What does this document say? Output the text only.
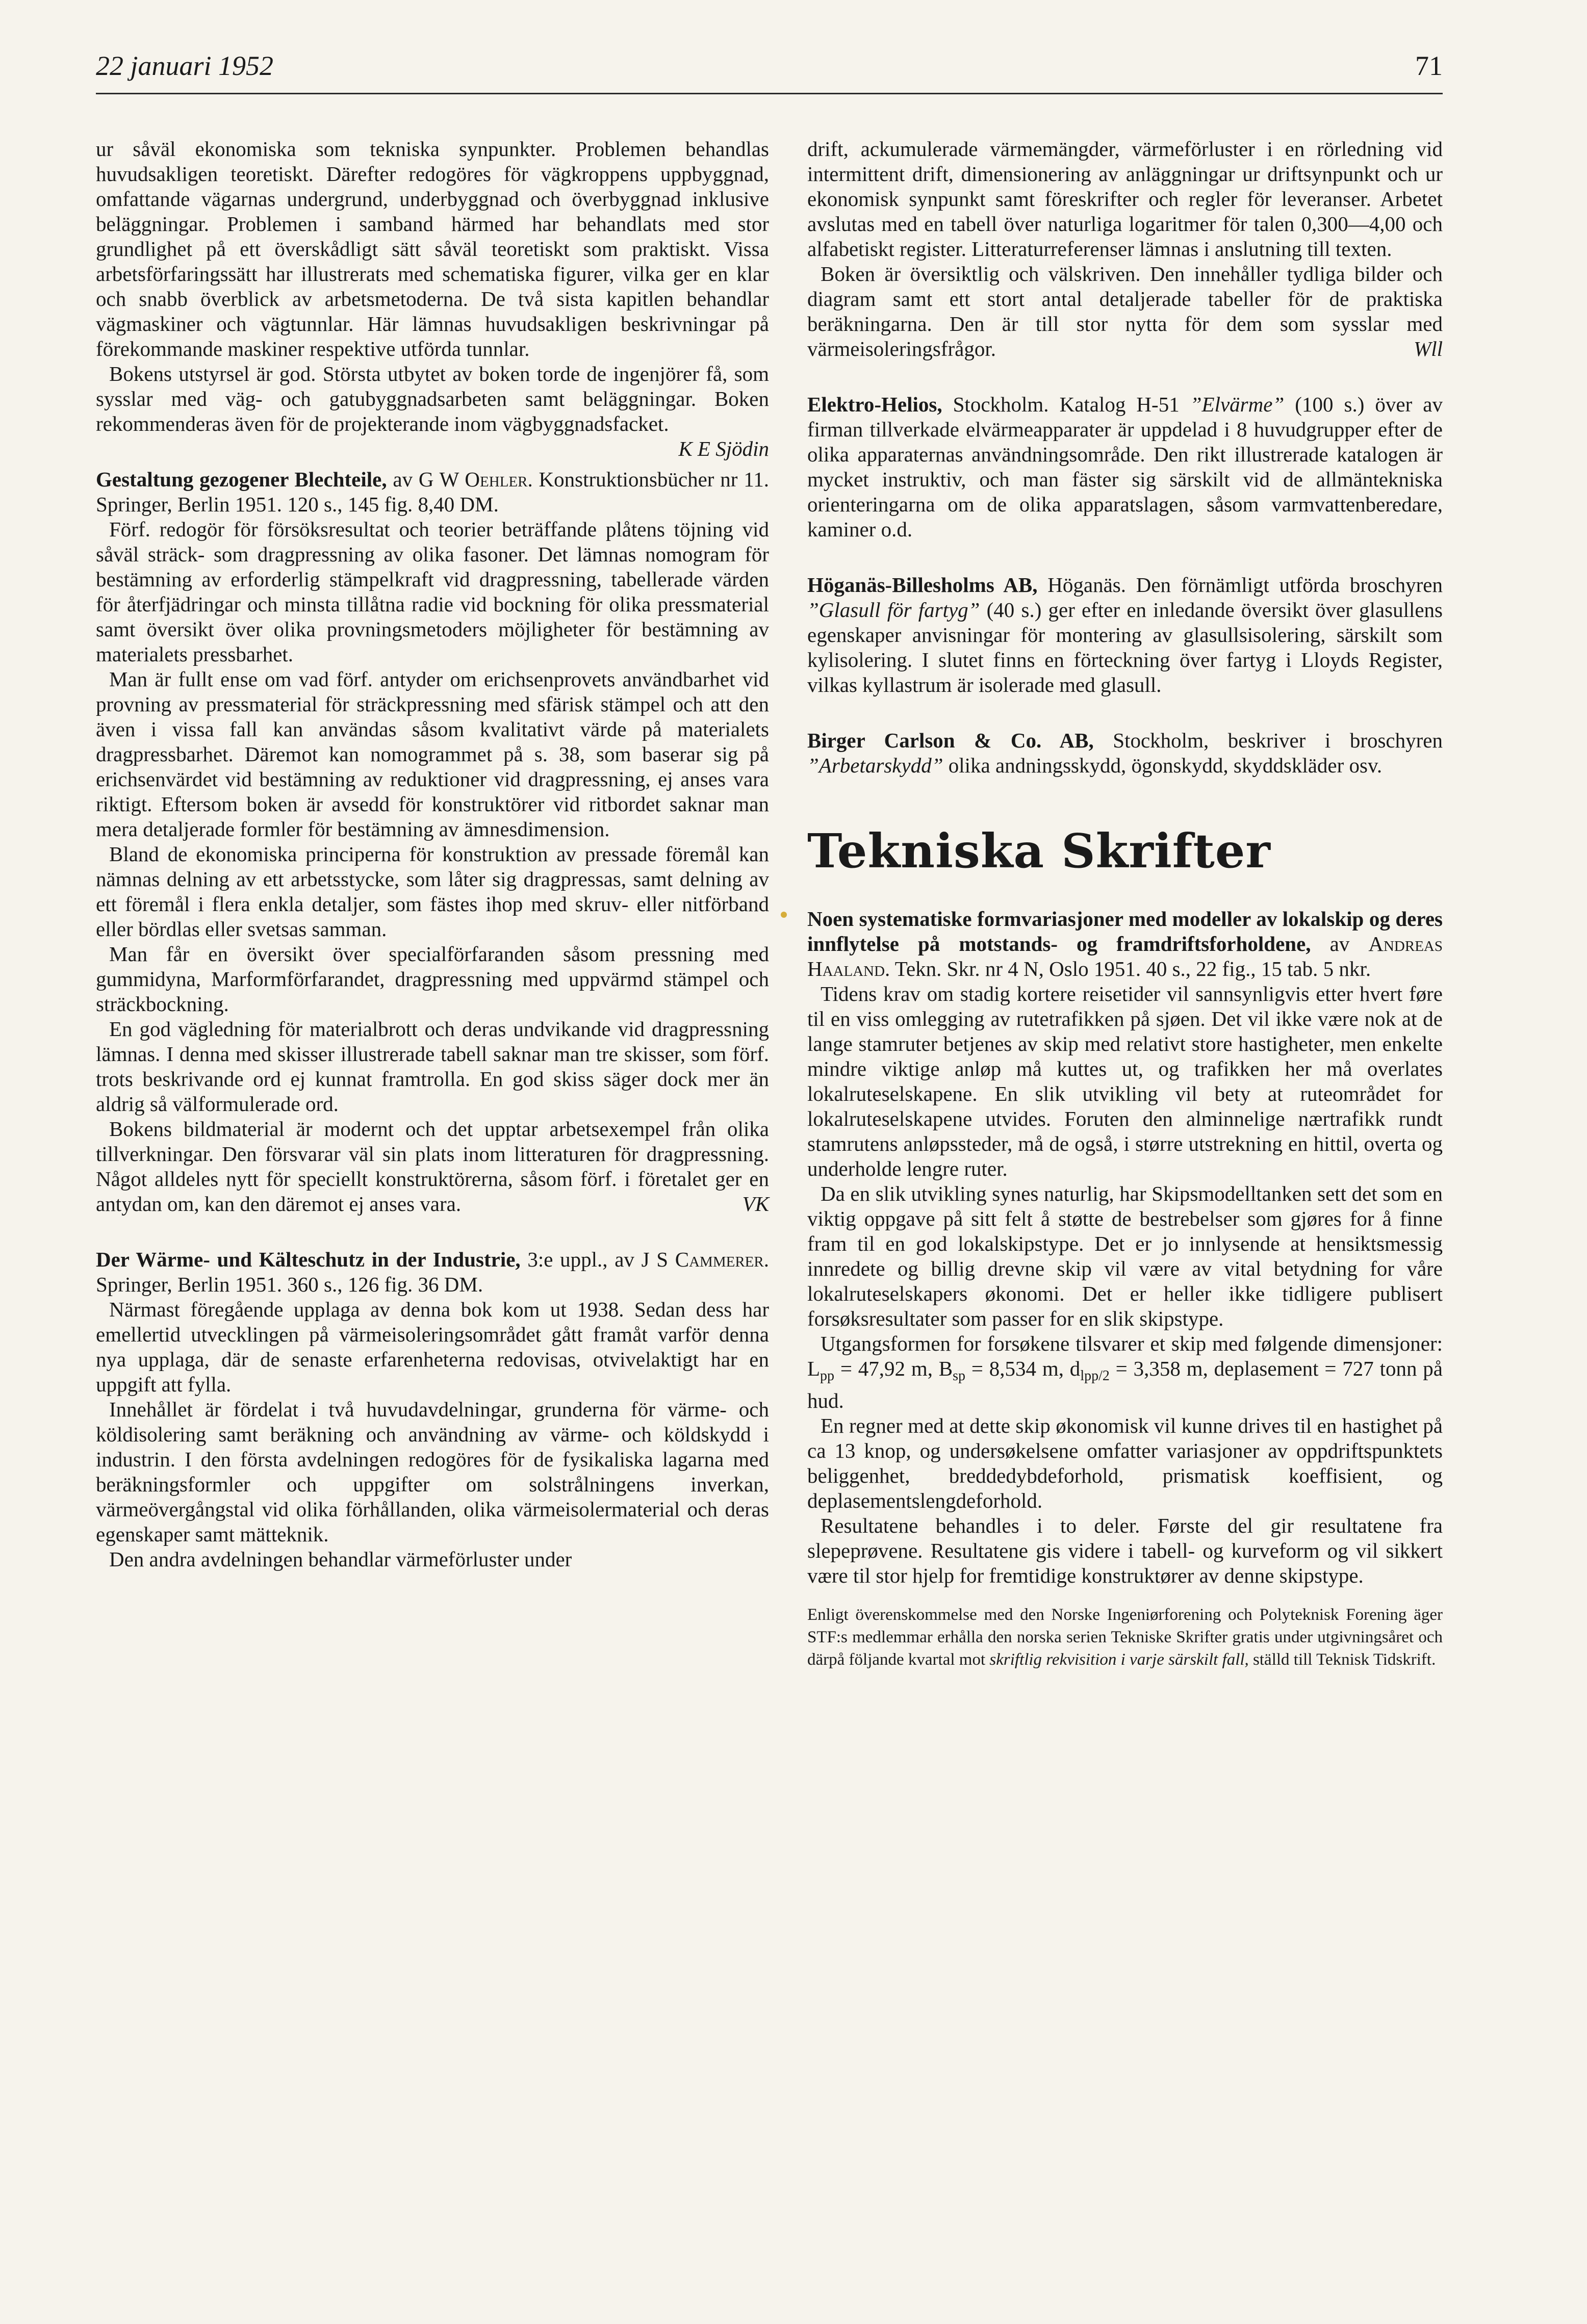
22 januari 1952	71

ur såväl ekonomiska som tekniska synpunkter. Problemen behandlas huvudsakligen teoretiskt. Därefter redogöres för vägkroppens uppbyggnad, omfattande vägarnas undergrund, underbyggnad och överbyggnad inklusive beläggningar. Problemen i samband härmed har behandlats med stor grundlighet på ett överskådligt sätt såväl teoretiskt som praktiskt. Vissa arbetsförfaringssätt har illustrerats med schematiska figurer, vilka ger en klar och snabb överblick av arbetsmetoderna. De två sista kapitlen behandlar vägmaskiner och vägtunnlar. Här lämnas huvudsakligen beskrivningar på förekommande maskiner respektive utförda tunnlar.

Bokens utstyrsel är god. Största utbytet av boken torde de ingenjörer få, som sysslar med väg- och gatubyggnadsarbeten samt beläggningar. Boken rekommenderas även för de projekterande inom vägbyggnadsfacket.
K E Sjödin

Gestaltung gezogener Blechteile, av G W Oehler. Konstruktionsbücher nr 11. Springer, Berlin 1951. 120 s., 145 fig. 8,40 DM.

Förf. redogör för försöksresultat och teorier beträffande plåtens töjning vid såväl sträck- som dragpressning av olika fasoner. Det lämnas nomogram för bestämning av erforderlig stämpelkraft vid dragpressning, tabellerade värden för återfjädringar och minsta tillåtna radie vid bockning för olika pressmaterial samt översikt över olika provningsmetoders möjligheter för bestämning av materialets pressbarhet.

Man är fullt ense om vad förf. antyder om erichsenprovets användbarhet vid provning av pressmaterial för sträckpressning med sfärisk stämpel och att den även i vissa fall kan användas såsom kvalitativt värde på materialets dragpressbarhet. Däremot kan nomogrammet på s. 38, som baserar sig på erichsenvärdet vid bestämning av reduktioner vid dragpressning, ej anses vara riktigt. Eftersom boken är avsedd för konstruktörer vid ritbordet saknar man mera detaljerade formler för bestämning av ämnesdimension.

Bland de ekonomiska principerna för konstruktion av pressade föremål kan nämnas delning av ett arbetsstycke, som låter sig dragpressas, samt delning av ett föremål i flera enkla detaljer, som fästes ihop med skruv- eller nitförband eller bördlas eller svetsas samman.

Man får en översikt över specialförfaranden såsom pressning med gummidyna, Marformförfarandet, dragpressning med uppvärmd stämpel och sträckbockning.

En god vägledning för materialbrott och deras undvikande vid dragpressning lämnas. I denna med skisser illustrerade tabell saknar man tre skisser, som förf. trots beskrivande ord ej kunnat framtrolla. En god skiss säger dock mer än aldrig så välformulerade ord.

Bokens bildmaterial är modernt och det upptar arbetsexempel från olika tillverkningar. Den försvarar väl sin plats inom litteraturen för dragpressning. Något alldeles nytt för speciellt konstruktörerna, såsom förf. i företalet ger en antydan om, kan den däremot ej anses vara.	VK

Der Wärme- und Kälteschutz in der Industrie, 3:e uppl., av J S Cammerer. Springer, Berlin 1951. 360 s., 126 fig. 36 DM.

Närmast föregående upplaga av denna bok kom ut 1938. Sedan dess har emellertid utvecklingen på värmeisoleringsområdet gått framåt varför denna nya upplaga, där de senaste erfarenheterna redovisas, otvivelaktigt har en uppgift att fylla.

Innehållet är fördelat i två huvudavdelningar, grunderna för värme- och köldisolering samt beräkning och användning av värme- och köldskydd i industrin. I den första avdelningen redogöres för de fysikaliska lagarna med beräkningsformler och uppgifter om solstrålningens inverkan, värmeövergångstal vid olika förhållanden, olika värmeisolermaterial och deras egenskaper samt mätteknik.

Den andra avdelningen behandlar värmeförluster under

drift, ackumulerade värmemängder, värmeförluster i en rörledning vid intermittent drift, dimensionering av anläggningar ur driftsynpunkt och ur ekonomisk synpunkt samt föreskrifter och regler för leveranser. Arbetet avslutas med en tabell över naturliga logaritmer för talen 0,300—4,00 och alfabetiskt register. Litteraturreferenser lämnas i anslutning till texten.

Boken är översiktlig och välskriven. Den innehåller tydliga bilder och diagram samt ett stort antal detaljerade tabeller för de praktiska beräkningarna. Den är till stor nytta för dem som sysslar med värmeisoleringsfrågor.	Wll

Elektro-Helios, Stockholm. Katalog H-51 ”Elvärme” (100 s.) över av firman tillverkade elvärmeapparater är uppdelad i 8 huvudgrupper efter de olika apparaternas användningsområde. Den rikt illustrerade katalogen är mycket instruktiv, och man fäster sig särskilt vid de allmäntekniska orienteringarna om de olika apparatslagen, såsom varmvattenberedare, kaminer o.d.

Höganäs-Billesholms AB, Höganäs. Den förnämligt utförda broschyren ”Glasull för fartyg” (40 s.) ger efter en inledande översikt över glasullens egenskaper anvisningar för montering av glasullsisolering, särskilt som kylisolering. I slutet finns en förteckning över fartyg i Lloyds Register, vilkas kyllastrum är isolerade med glasull.

Birger Carlson & Co. AB, Stockholm, beskriver i broschyren ”Arbetarskydd” olika andningsskydd, ögonskydd, skyddskläder osv.

Tekniska Skrifter

Noen systematiske formvariasjoner med modeller av lokalskip og deres innflytelse på motstands- og framdriftsforholdene, av Andreas Haaland. Tekn. Skr. nr 4 N, Oslo 1951. 40 s., 22 fig., 15 tab. 5 nkr.

Tidens krav om stadig kortere reisetider vil sannsynligvis etter hvert føre til en viss omlegging av rutetrafikken på sjøen. Det vil ikke være nok at de lange stamruter betjenes av skip med relativt store hastigheter, men enkelte mindre viktige anløp må kuttes ut, og trafikken her må overlates lokalruteselskapene. En slik utvikling vil bety at ruteområdet for lokalruteselskapene utvides. Foruten den alminnelige nærtrafikk rundt stamrutens anløpssteder, må de også, i større utstrekning en hittil, overta og underholde lengre ruter.

Da en slik utvikling synes naturlig, har Skipsmodelltanken sett det som en viktig oppgave på sitt felt å støtte de bestrebelser som gjøres for å finne fram til en god lokalskipstype. Det er jo innlysende at hensiktsmessig innredete og billig drevne skip vil være av vital betydning for våre lokalruteselskapers økonomi. Det er heller ikke tidligere publisert forsøksresultater som passer for en slik skipstype.

Utgangsformen for forsøkene tilsvarer et skip med følgende dimensjoner: $L_{pp} = 47,92$ m, $B_{sp} = 8,534$ m, $d_{lpp/2} = 3,358$ m, deplasement = 727 tonn på hud.

En regner med at dette skip økonomisk vil kunne drives til en hastighet på ca 13 knop, og undersøkelsene omfatter variasjoner av oppdriftspunktets beliggenhet, breddedybdeforhold, prismatisk koeffisient, og deplasementslengdeforhold.

Resultatene behandles i to deler. Første del gir resultatene fra slepeprøvene. Resultatene gis videre i tabell- og kurveform og vil sikkert være til stor hjelp for fremtidige konstruktører av denne skipstype.

Enligt överenskommelse med den Norske Ingeniørforening och Polyteknisk Forening äger STF:s medlemmar erhålla den norska serien Tekniske Skrifter gratis under utgivningsåret och därpå följande kvartal mot skriftlig rekvisition i varje särskilt fall, ställd till Teknisk Tidskrift.
